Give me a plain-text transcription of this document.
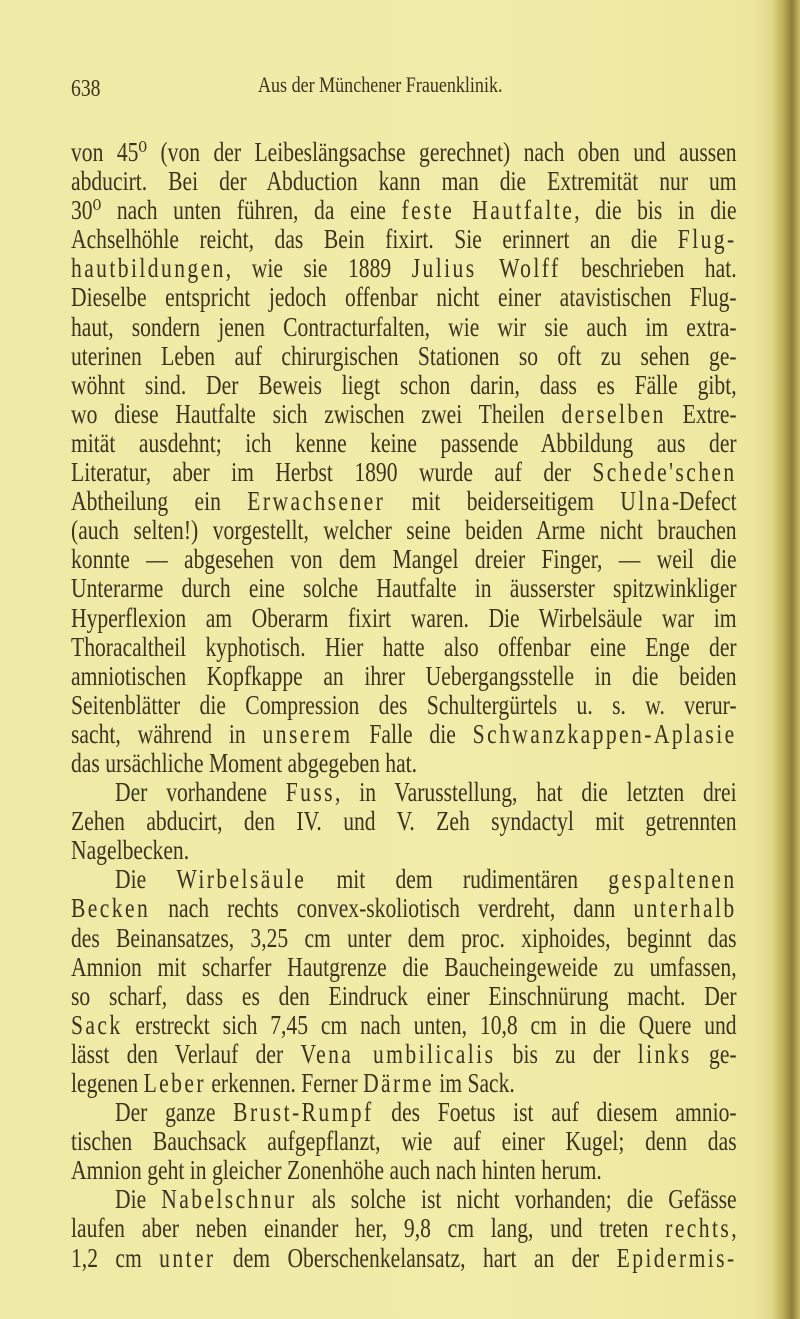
638	Aus der Münchener Frauenklinik.
von 45⁰ (von der Leibeslängsachse gerechnet) nach oben und aussen
abducirt. Bei der Abduction kann man die Extremität nur um
30⁰ nach unten führen, da eine feste Hautfalte, die bis in die
Achselhöhle reicht, das Bein fixirt. Sie erinnert an die Flug-
hautbildungen, wie sie 1889 Julius Wolff beschrieben hat.
Dieselbe entspricht jedoch offenbar nicht einer atavistischen Flug-
haut, sondern jenen Contracturfalten, wie wir sie auch im extra-
uterinen Leben auf chirurgischen Stationen so oft zu sehen ge-
wöhnt sind. Der Beweis liegt schon darin, dass es Fälle gibt,
wo diese Hautfalte sich zwischen zwei Theilen derselben Extre-
mität ausdehnt; ich kenne keine passende Abbildung aus der
Literatur, aber im Herbst 1890 wurde auf der Schede'schen
Abtheilung ein Erwachsener mit beiderseitigem Ulna-Defect
(auch selten!) vorgestellt, welcher seine beiden Arme nicht brauchen
konnte — abgesehen von dem Mangel dreier Finger, — weil die
Unterarme durch eine solche Hautfalte in äusserster spitzwinkliger
Hyperflexion am Oberarm fixirt waren. Die Wirbelsäule war im
Thoracaltheil kyphotisch. Hier hatte also offenbar eine Enge der
amniotischen Kopfkappe an ihrer Uebergangsstelle in die beiden
Seitenblätter die Compression des Schultergürtels u. s. w. verur-
sacht, während in unserem Falle die Schwanzkappen-Aplasie
das ursächliche Moment abgegeben hat.
Der vorhandene Fuss, in Varusstellung, hat die letzten drei
Zehen abducirt, den IV. und V. Zeh syndactyl mit getrennten
Nagelbecken.
Die Wirbelsäule mit dem rudimentären gespaltenen
Becken nach rechts convex-skoliotisch verdreht, dann unterhalb
des Beinansatzes, 3,25 cm unter dem proc. xiphoides, beginnt das
Amnion mit scharfer Hautgrenze die Baucheingeweide zu umfassen,
so scharf, dass es den Eindruck einer Einschnürung macht. Der
Sack erstreckt sich 7,45 cm nach unten, 10,8 cm in die Quere und
lässt den Verlauf der Vena umbilicalis bis zu der links ge-
legenen Leber erkennen. Ferner Därme im Sack.
Der ganze Brust-Rumpf des Foetus ist auf diesem amnio-
tischen Bauchsack aufgepflanzt, wie auf einer Kugel; denn das
Amnion geht in gleicher Zonenhöhe auch nach hinten herum.
Die Nabelschnur als solche ist nicht vorhanden; die Gefässe
laufen aber neben einander her, 9,8 cm lang, und treten rechts,
1,2 cm unter dem Oberschenkelansatz, hart an der Epidermis-
